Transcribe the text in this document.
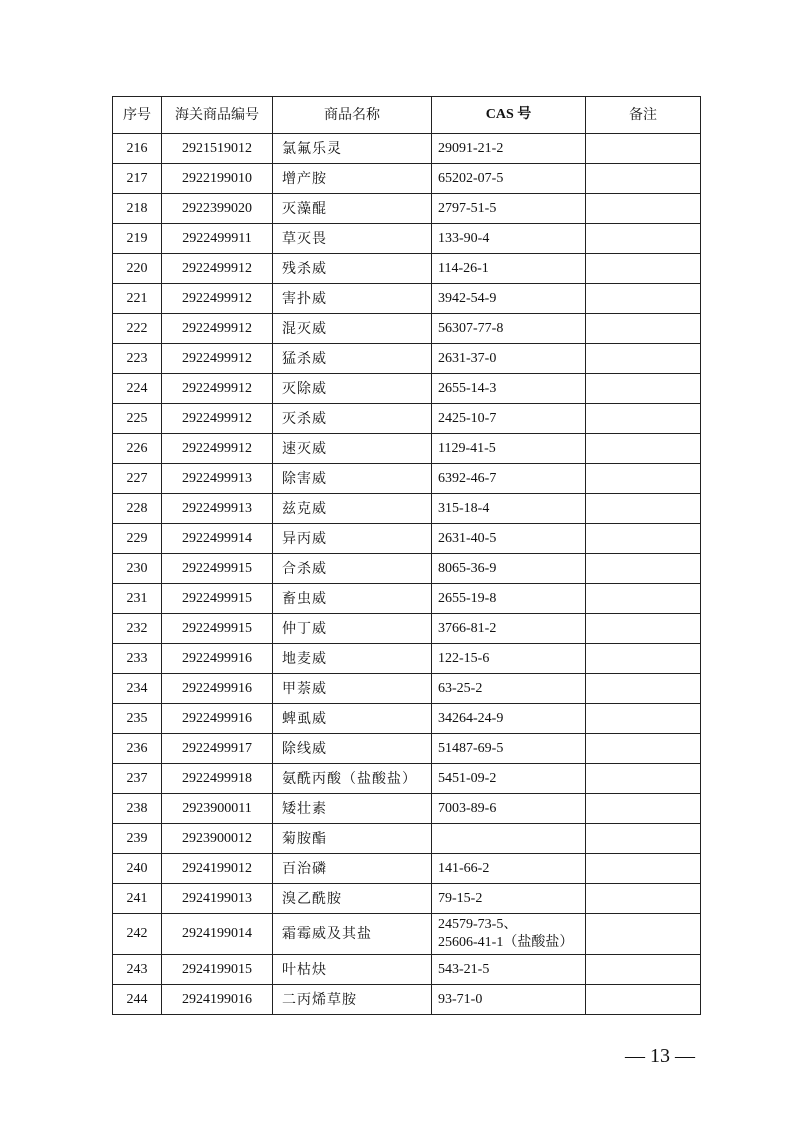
序号	海关商品编号	商品名称	CAS 号	备注
216	2921519012	氯氟乐灵	29091-21-2	

217	2922199010	增产胺	65202-07-5	

218	2922399020	灭藻醌	2797-51-5	

219	2922499911	草灭畏	133-90-4	

220	2922499912	残杀威	114-26-1	

221	2922499912	害扑威	3942-54-9	

222	2922499912	混灭威	56307-77-8	

223	2922499912	猛杀威	2631-37-0	

224	2922499912	灭除威	2655-14-3	

225	2922499912	灭杀威	2425-10-7	

226	2922499912	速灭威	1129-41-5	

227	2922499913	除害威	6392-46-7	

228	2922499913	兹克威	315-18-4	

229	2922499914	异丙威	2631-40-5	

230	2922499915	合杀威	8065-36-9	

231	2922499915	畜虫威	2655-19-8	

232	2922499915	仲丁威	3766-81-2	

233	2922499916	地麦威	122-15-6	

234	2922499916	甲萘威	63-25-2	

235	2922499916	蜱虱威	34264-24-9	

236	2922499917	除线威	51487-69-5	

237	2922499918	氨酰丙酸（盐酸盐）	5451-09-2	

238	2923900011	矮壮素	7003-89-6	

239	2923900012	菊胺酯		
240	2924199012	百治磷	141-66-2	

241	2924199013	溴乙酰胺	79-15-2	

242	2924199014	霜霉威及其盐	24579-73-5、
25606-41-1（盐酸盐）	

243	2924199015	叶枯炔	543-21-5	

244	2924199016	二丙烯草胺	93-71-0	

— 13 —
